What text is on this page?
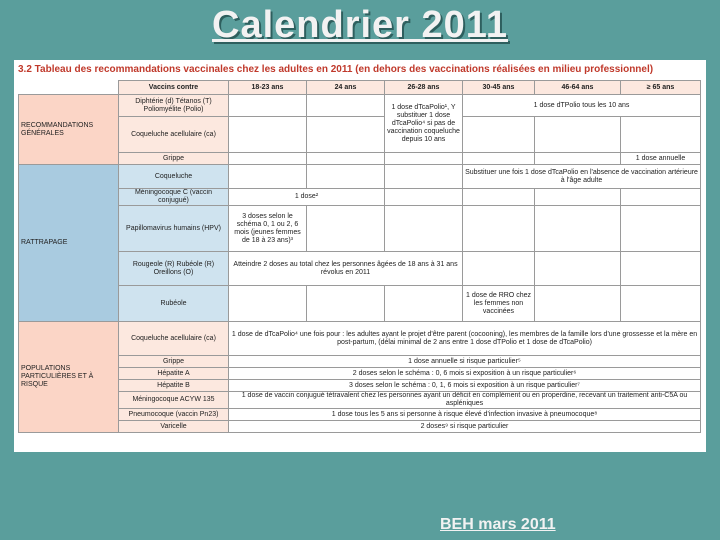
Calendrier 2011
3.2 Tableau des recommandations vaccinales chez les adultes en 2011 (en dehors des vaccinations réalisées en milieu professionnel)
	Vaccins contre	18-23 ans	24 ans	26-28 ans	30-45 ans	46-64 ans	≥ 65 ans
RECOMMANDATIONS GÉNÉRALES	Diphtérie (d) Tétanos (T) Poliomyélite (Polio)			1 dose dTcaPolio¹, Y substituer 1 dose dTcaPolio⁴ si pas de vaccination coqueluche depuis 10 ans	1 dose dTPolio tous les 10 ans		
	Coqueluche acellulaire (ca)						
	Grippe						1 dose annuelle
RATTRAPAGE	Coqueluche				Substituer une fois 1 dose dTcaPolio en l'absence de vaccination artérieure à l'âge adulte		
	Méningocoque C (vaccin conjugué)	1 dose²					
	Papillomavirus humains (HPV)	3 doses selon le schéma 0, 1 ou 2, 6 mois (jeunes femmes de 18 à 23 ans)³					
	Rougeole (R) Rubéole (R) Oreillons (O)	Atteindre 2 doses au total chez les personnes âgées de 18 ans à 31 ans révolus en 2011					
	Rubéole				1 dose de RRO chez les femmes non vaccinées		
POPULATIONS PARTICULIÈRES ET À RISQUE	Coqueluche acellulaire (ca)	1 dose de dTcaPolio⁴ une fois pour : les adultes ayant le projet d'être parent (cocooning), les membres de la famille lors d'une grossesse et la mère en post-partum, (délai minimal de 2 ans entre 1 dose dTPolio et 1 dose de dTcaPolio)					
	Grippe	1 dose annuelle si risque particulier⁵					
	Hépatite A	2 doses selon le schéma : 0, 6 mois si exposition à un risque particulier⁶					
	Hépatite B	3 doses selon le schéma : 0, 1, 6 mois si exposition à un risque particulier⁷					
	Méningocoque ACYW 135	1 dose de vaccin conjugué tétravalent chez les personnes ayant un déficit en complément ou en properdine, recevant un traitement anti-C5A ou aspléniques					
	Pneumocoque (vaccin Pn23)	1 dose tous les 5 ans si personne à risque élevé d'infection invasive à pneumocoque⁸					
	Varicelle	2 doses⁹ si risque particulier					
BEH mars 2011
